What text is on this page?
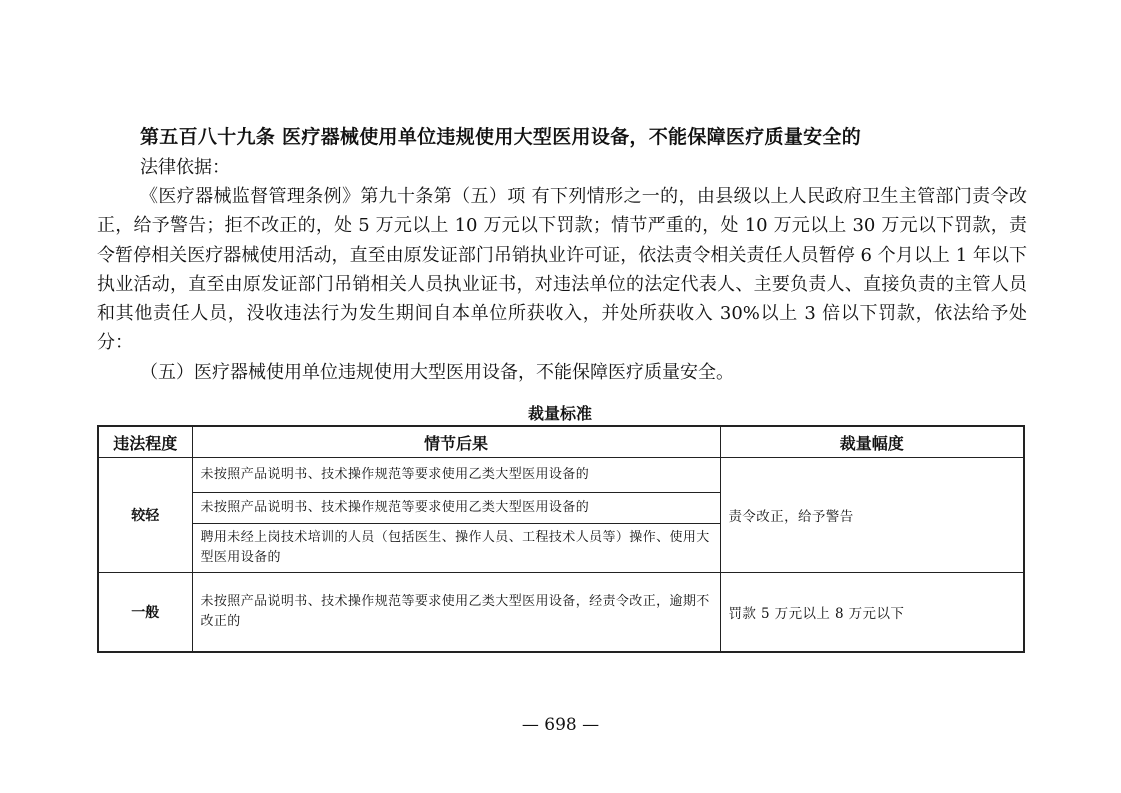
第五百八十九条 医疗器械使用单位违规使用大型医用设备，不能保障医疗质量安全的
法律依据：

《医疗器械监督管理条例》第九十条第（五）项 有下列情形之一的，由县级以上人民政府卫生主管部门责令改正，给予警告；拒不改正的，处 5 万元以上 10 万元以下罚款；情节严重的，处 10 万元以上 30 万元以下罚款，责令暂停相关医疗器械使用活动，直至由原发证部门吊销执业许可证，依法责令相关责任人员暂停 6 个月以上 1 年以下执业活动，直至由原发证部门吊销相关人员执业证书，对违法单位的法定代表人、主要负责人、直接负责的主管人员和其他责任人员，没收违法行为发生期间自本单位所获收入，并处所获收入 30%以上 3 倍以下罚款，依法给予处分：

（五）医疗器械使用单位违规使用大型医用设备，不能保障医疗质量安全。
裁量标准
违法程度	情节后果	裁量幅度
较轻	未按照产品说明书、技术操作规范等要求使用乙类大型医用设备的	责令改正，给予警告
	未按照产品说明书、技术操作规范等要求使用乙类大型医用设备的	
	聘用未经上岗技术培训的人员（包括医生、操作人员、工程技术人员等）操作、使用大型医用设备的	
一般	未按照产品说明书、技术操作规范等要求使用乙类大型医用设备，经责令改正，逾期不改正的	罚款 5 万元以上 8 万元以下
— 698 —
